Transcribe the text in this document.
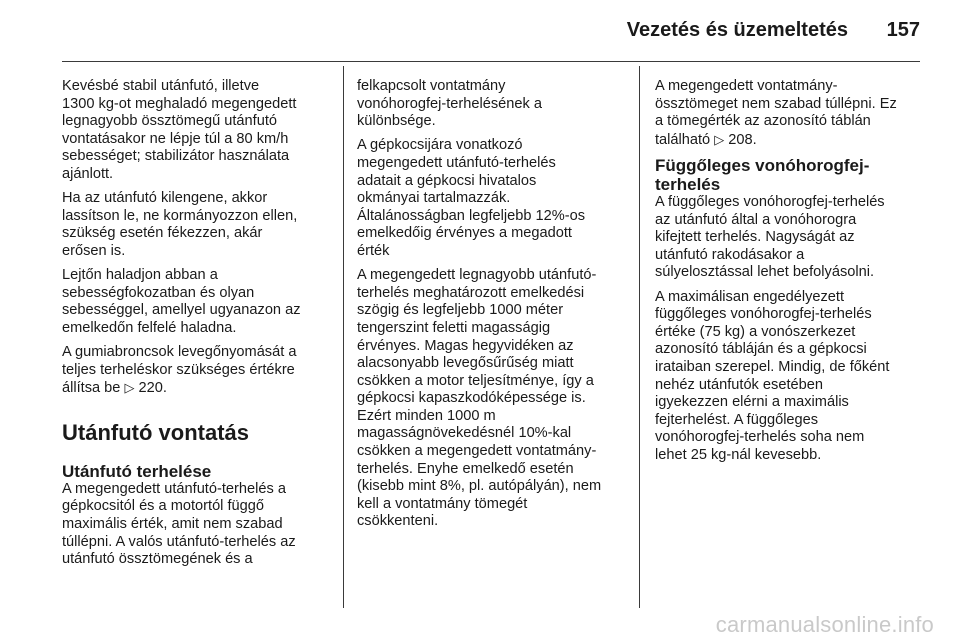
Vezetés és üzemeltetés 157

Kevésbé stabil utánfutó, illetve
1300 kg-ot meghaladó megengedett
legnagyobb össztömegű utánfutó
vontatásakor ne lépje túl a 80 km/h
sebességet; stabilizátor használata
ajánlott.

Ha az utánfutó kilengene, akkor
lassítson le, ne kormányozzon ellen,
szükség esetén fékezzen, akár
erősen is.

Lejtőn haladjon abban a
sebességfokozatban és olyan
sebességgel, amellyel ugyanazon az
emelkedőn felfelé haladna.

A gumiabroncsok levegőnyomását a
teljes terheléskor szükséges értékre
állítsa be ▷ 220.

Utánfutó vontatás
Utánfutó terhelése

A megengedett utánfutó-terhelés a
gépkocsitól és a motortól függő
maximális érték, amit nem szabad
túllépni. A valós utánfutó-terhelés az
utánfutó össztömegének és a

felkapcsolt vontatmány
vonóhorogfej-terhelésének a
különbsége.

A gépkocsijára vonatkozó
megengedett utánfutó-terhelés
adatait a gépkocsi hivatalos
okmányai tartalmazzák.
Általánosságban legfeljebb 12%-os
emelkedőig érvényes a megadott
érték

A megengedett legnagyobb utánfutó-
terhelés meghatározott emelkedési
szögig és legfeljebb 1000 méter
tengerszint feletti magasságig
érvényes. Magas hegyvidéken az
alacsonyabb levegősűrűség miatt
csökken a motor teljesítménye, így a
gépkocsi kapaszkodóképessége is.
Ezért minden 1000 m
magasságnövekedésnél 10%-kal
csökken a megengedett vontatmány-
terhelés. Enyhe emelkedő esetén
(kisebb mint 8%, pl. autópályán), nem
kell a vontatmány tömegét
csökkenteni.

A megengedett vontatmány-
össztömeget nem szabad túllépni. Ez
a tömegérték az azonosító táblán
található ▷ 208.

Függőleges vonóhorogfej-
terhelés

A függőleges vonóhorogfej-terhelés
az utánfutó által a vonóhorogra
kifejtett terhelés. Nagyságát az
utánfutó rakodásakor a
súlyelosztással lehet befolyásolni.

A maximálisan engedélyezett
függőleges vonóhorogfej-terhelés
értéke (75 kg) a vonószerkezet
azonosító tábláján és a gépkocsi
irataiban szerepel. Mindig, de főként
nehéz utánfutók esetében
igyekezzen elérni a maximális
fejterhelést. A függőleges
vonóhorogfej-terhelés soha nem
lehet 25 kg-nál kevesebb.

carmanualsonline.info
